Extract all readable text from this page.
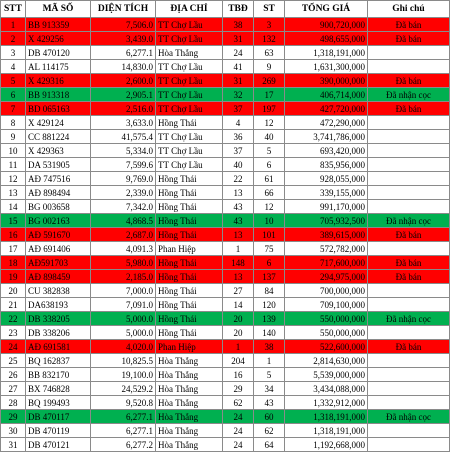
STT	MÃ SỐ	DIỆN TÍCH	ĐỊA CHỈ	TBĐ	ST	TỔNG GIÁ	Ghi chú
1	BB 913359	7,506.0	TT Chợ Lầu	38	3	900,720,000	Đã bán
2	X 429256	3,439.0	TT Chợ Lầu	31	132	498,655,000	Đã bán
3	DB 470120	6,277.1	Hòa Thắng	24	63	1,318,191,000	
4	AL 114175	14,830.0	TT Chợ Lầu	41	9	1,631,300,000	
5	X 429316	2,600.0	TT Chợ Lầu	31	269	390,000,000	Đã bán
6	BB 913318	2,905.1	TT Chợ Lầu	32	17	406,714,000	Đã nhận cọc
7	BD 065163	2,516.0	TT Chợ Lầu	37	197	427,720,000	Đã bán
8	X 429124	3,633.0	Hồng Thái	4	12	472,290,000	
9	CC 881224	41,575.4	TT Chợ Lầu	36	40	3,741,786,000	
10	X 429363	5,334.0	TT Chợ Lầu	37	5	693,420,000	
11	DA 531905	7,599.6	TT Chợ Lầu	40	6	835,956,000	
12	AĐ 747516	9,769.0	Hồng Thái	22	61	928,055,000	
13	AĐ 898494	2,339.0	Hồng Thái	13	66	339,155,000	
14	BG 003658	7,342.0	Hồng Thái	43	12	991,170,000	
15	BG 002163	4,868.5	Hồng Thái	43	10	705,932,500	Đã nhận cọc
16	AĐ 591670	2,687.0	Hồng Thái	13	101	389,615,000	Đã bán
17	AĐ 691406	4,091.3	Phan Hiệp	1	75	572,782,000	
18	AĐ591703	5,980.0	Hồng Thái	148	6	717,600,000	Đã bán
19	AĐ 898459	2,185.0	Hồng Thái	13	137	294,975,000	Đã bán
20	CU 382838	7,000.0	Hồng Thái	27	84	700,000,000	
21	DA638193	7,091.0	Hồng Thái	14	120	709,100,000	
22	DB 338205	5,000.0	Hồng Thái	20	139	550,000,000	Đã nhận cọc
23	DB 338206	5,000.0	Hồng Thái	20	140	550,000,000	
24	AĐ 691581	4,020.0	Phan Hiệp	1	38	522,600,000	Đã bán
25	BQ 162837	10,825.5	Hòa Thắng	204	1	2,814,630,000	
26	BB 832170	19,100.0	Hòa Thắng	16	5	5,539,000,000	
27	BX 746828	24,529.2	Hòa Thắng	29	34	3,434,088,000	
28	BQ 199493	9,520.8	Hòa Thắng	62	43	1,332,912,000	
29	DB 470117	6,277.1	Hòa Thắng	24	60	1,318,191,000	Đã nhận cọc
30	DB 470119	6,277.1	Hòa Thắng	24	62	1,318,191,000	
31	DB 470121	6,277.2	Hòa Thắng	24	64	1,192,668,000	
